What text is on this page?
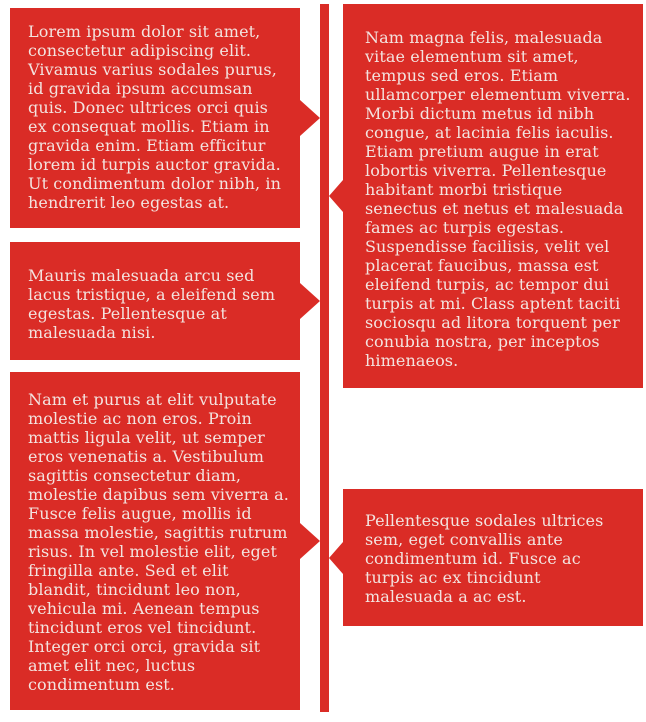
Lorem ipsum dolor sit amet, consectetur adipiscing elit. Vivamus varius sodales purus, id gravida ipsum accumsan quis. Donec ultrices orci quis ex consequat mollis. Etiam in gravida enim. Etiam efficitur lorem id turpis auctor gravida. Ut condimentum dolor nibh, in hendrerit leo egestas at.
Mauris malesuada arcu sed lacus tristique, a eleifend sem egestas. Pellentesque at malesuada nisi.
Nam et purus at elit vulputate molestie ac non eros. Proin mattis ligula velit, ut semper eros venenatis a. Vestibulum sagittis consectetur diam, molestie dapibus sem viverra a. Fusce felis augue, mollis id massa molestie, sagittis rutrum risus. In vel molestie elit, eget fringilla ante. Sed et elit blandit, tincidunt leo non, vehicula mi. Aenean tempus tincidunt eros vel tincidunt. Integer orci orci, gravida sit amet elit nec, luctus condimentum est.
Nam magna felis, malesuada vitae elementum sit amet, tempus sed eros. Etiam ullamcorper elementum viverra. Morbi dictum metus id nibh congue, at lacinia felis iaculis. Etiam pretium augue in erat lobortis viverra. Pellentesque habitant morbi tristique senectus et netus et malesuada fames ac turpis egestas. Suspendisse facilisis, velit vel placerat faucibus, massa est eleifend turpis, ac tempor dui turpis at mi. Class aptent taciti sociosqu ad litora torquent per conubia nostra, per inceptos himenaeos.
Pellentesque sodales ultrices sem, eget convallis ante condimentum id. Fusce ac turpis ac ex tincidunt malesuada a ac est.
